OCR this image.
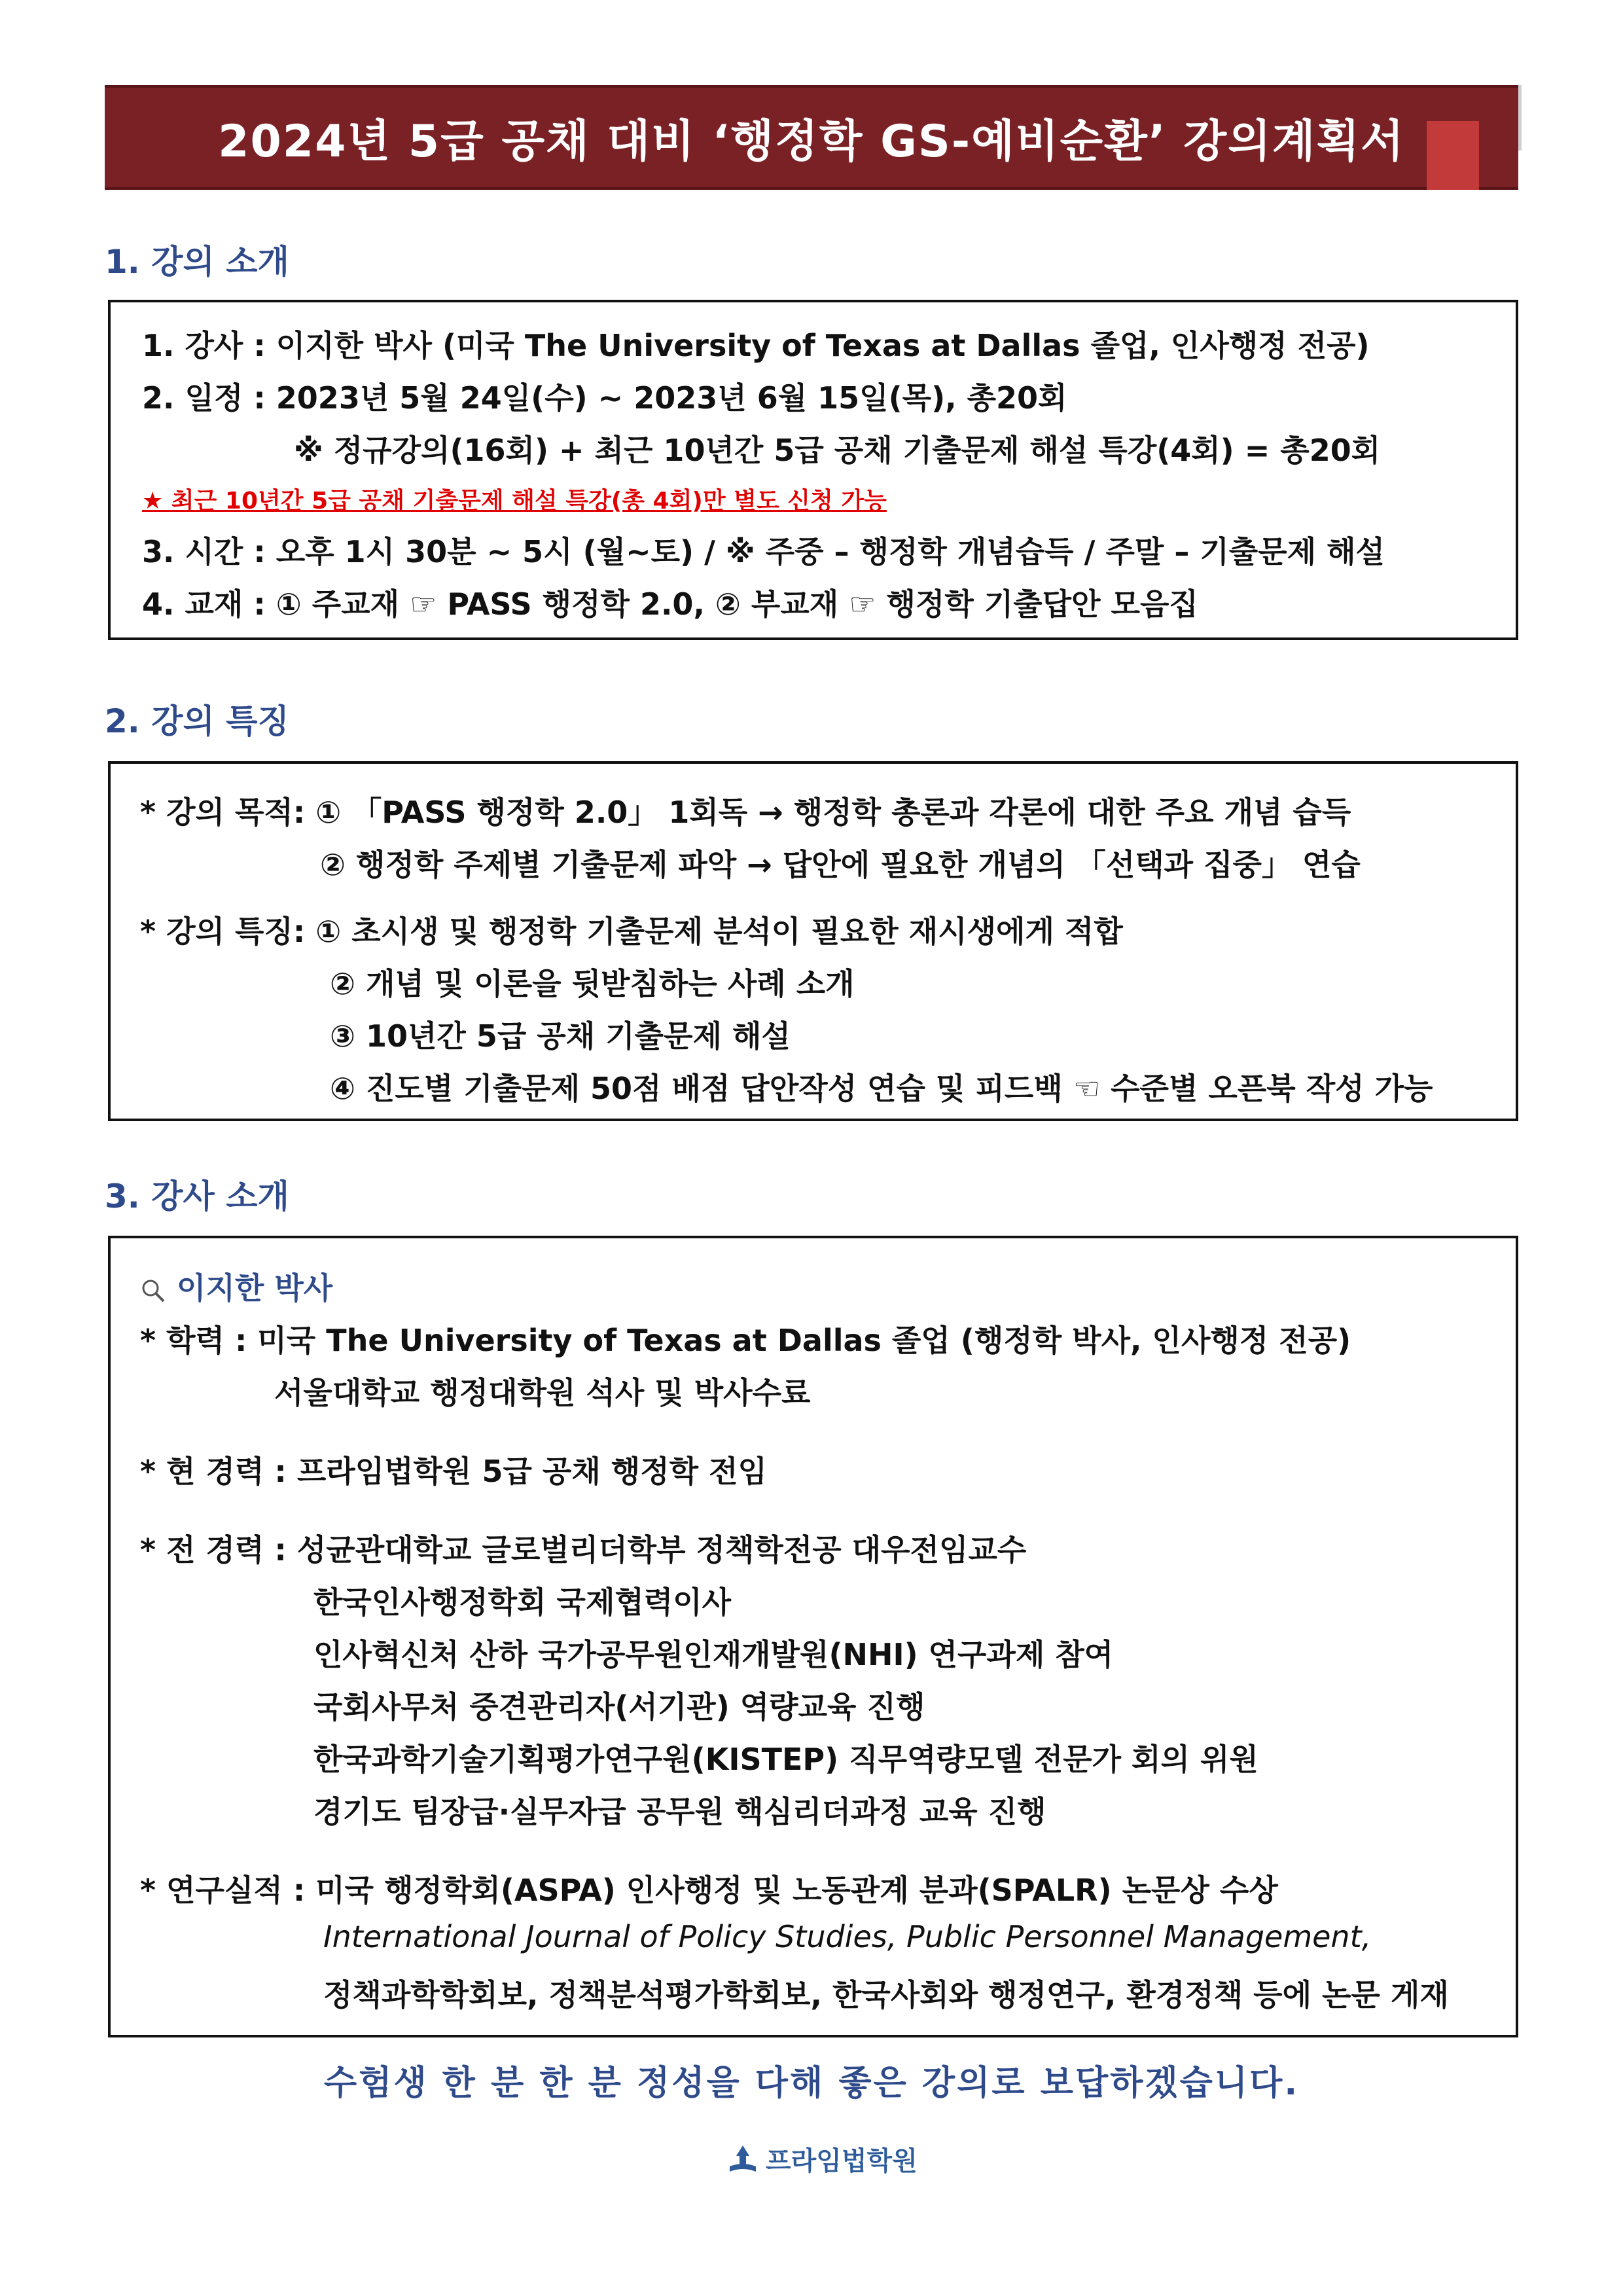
2024년 5급 공채 대비 ‘행정학 GS-예비순환’ 강의계획서
1. 강의 소개
1. 강사 : 이지한 박사 (미국 The University of Texas at Dallas 졸업, 인사행정 전공)
2. 일정 : 2023년 5월 24일(수) ~ 2023년 6월 15일(목), 총20회
※ 정규강의(16회) + 최근 10년간 5급 공채 기출문제 해설 특강(4회) = 총20회
★ 최근 10년간 5급 공채 기출문제 해설 특강(총 4회)만 별도 신청 가능
3. 시간 : 오후 1시 30분 ~ 5시 (월~토) / ※ 주중 – 행정학 개념습득 / 주말 – 기출문제 해설
4. 교재 : ① 주교재 ☞ PASS 행정학 2.0, ② 부교재 ☞ 행정학 기출답안 모음집
2. 강의 특징
* 강의 목적: ① 「PASS 행정학 2.0」 1회독 → 행정학 총론과 각론에 대한 주요 개념 습득
② 행정학 주제별 기출문제 파악 → 답안에 필요한 개념의 「선택과 집중」 연습
* 강의 특징: ① 초시생 및 행정학 기출문제 분석이 필요한 재시생에게 적합
② 개념 및 이론을 뒷받침하는 사례 소개
③ 10년간 5급 공채 기출문제 해설
④ 진도별 기출문제 50점 배점 답안작성 연습 및 피드백 ☜ 수준별 오픈북 작성 가능
3. 강사 소개
이지한 박사
* 학력 : 미국 The University of Texas at Dallas 졸업 (행정학 박사, 인사행정 전공)
서울대학교 행정대학원 석사 및 박사수료
* 현 경력 : 프라임법학원 5급 공채 행정학 전임
* 전 경력 : 성균관대학교 글로벌리더학부 정책학전공 대우전임교수
한국인사행정학회 국제협력이사
인사혁신처 산하 국가공무원인재개발원(NHI) 연구과제 참여
국회사무처 중견관리자(서기관) 역량교육 진행
한국과학기술기획평가연구원(KISTEP) 직무역량모델 전문가 회의 위원
경기도 팀장급·실무자급 공무원 핵심리더과정 교육 진행
* 연구실적 : 미국 행정학회(ASPA) 인사행정 및 노동관계 분과(SPALR) 논문상 수상
International Journal of Policy Studies, Public Personnel Management,
정책과학학회보, 정책분석평가학회보, 한국사회와 행정연구, 환경정책 등에 논문 게재
수험생 한 분 한 분 정성을 다해 좋은 강의로 보답하겠습니다.
프라임법학원
